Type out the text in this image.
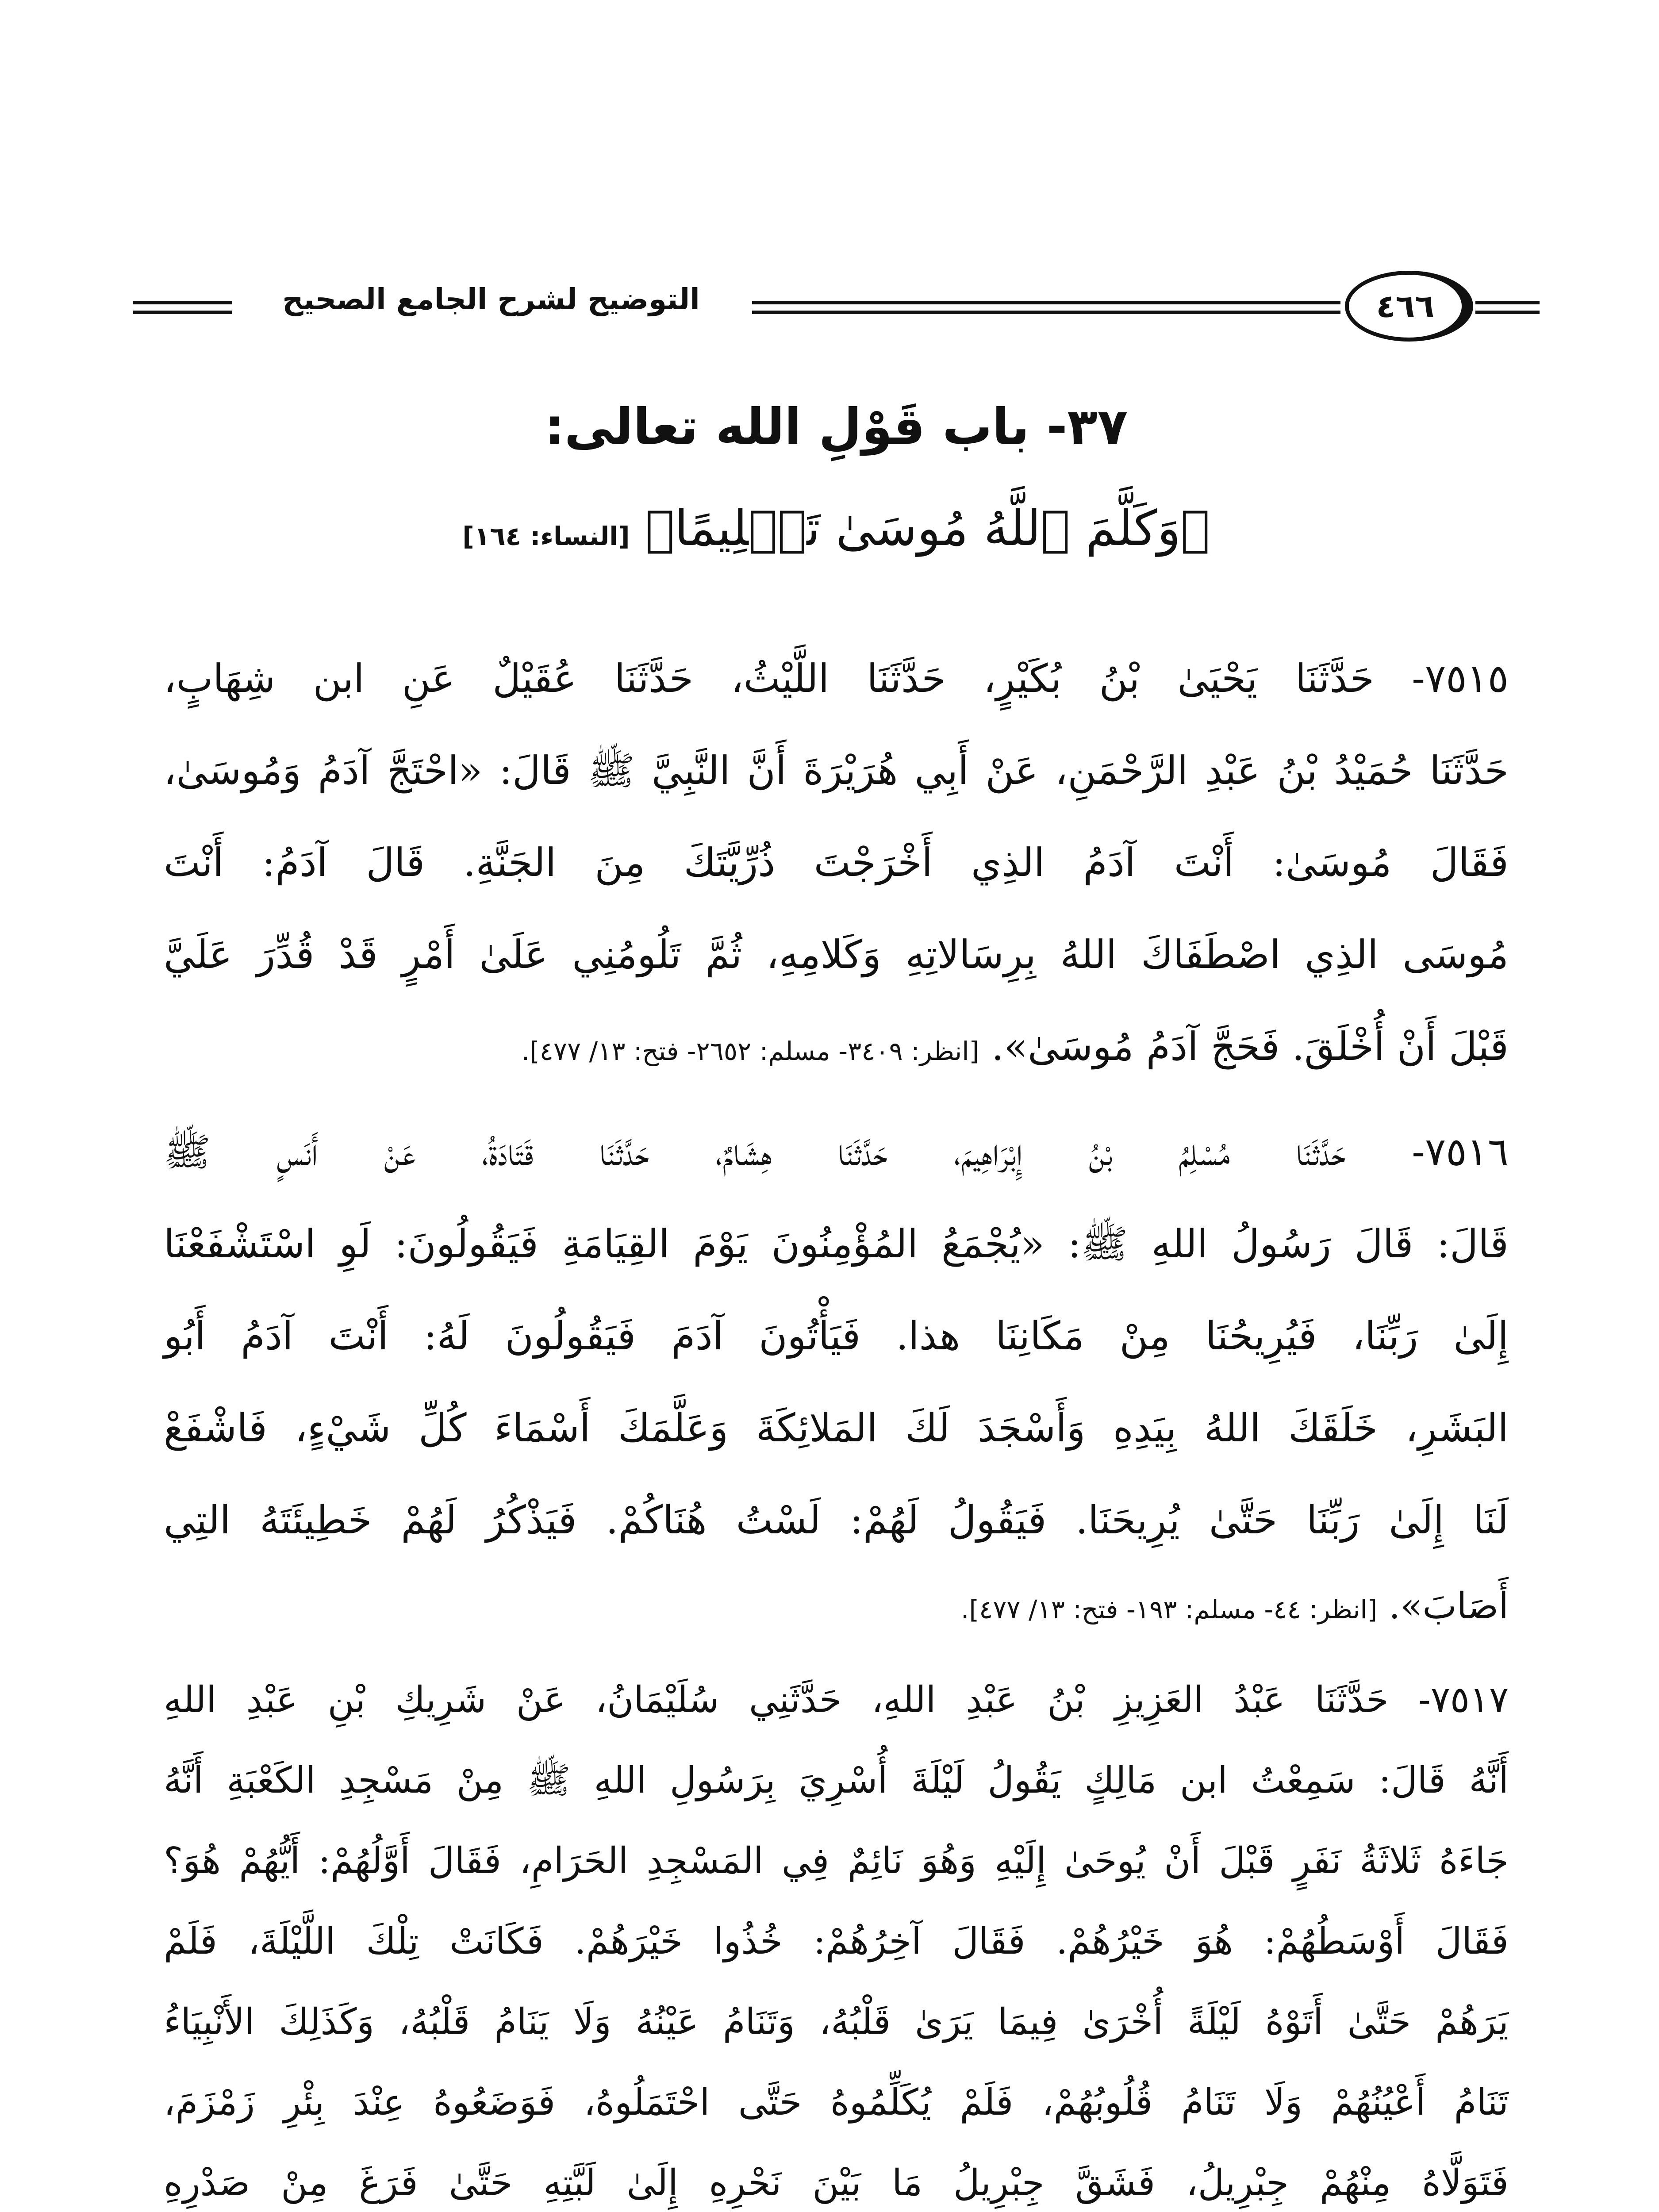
التوضيح لشرح الجامع الصحيح	٤٦٦
٣٧- باب قَوْلِ الله تعالى:
﴿وَكَلَّمَ ٱللَّهُ مُوسَىٰ تَكۡلِيمًا﴾ [النساء: ١٦٤]
٧٥١٥- حَدَّثَنَا يَحْيَىٰ بْنُ بُكَيْرٍ، حَدَّثَنَا اللَّيْثُ، حَدَّثَنَا عُقَيْلٌ عَنِ ابن شِهَابٍ،
حَدَّثَنَا حُمَيْدُ بْنُ عَبْدِ الرَّحْمَنِ، عَنْ أَبِي هُرَيْرَةَ أَنَّ النَّبِيَّ ﷺ قَالَ: «احْتَجَّ آدَمُ وَمُوسَىٰ،
فَقَالَ مُوسَىٰ: أَنْتَ آدَمُ الذِي أَخْرَجْتَ ذُرِّيَّتَكَ مِنَ الجَنَّةِ. قَالَ آدَمُ: أَنْتَ
مُوسَى الذِي اصْطَفَاكَ اللهُ بِرِسَالاتِهِ وَكَلامِهِ، ثُمَّ تَلُومُنِي عَلَىٰ أَمْرٍ قَدْ قُدِّرَ عَلَيَّ
قَبْلَ أَنْ أُخْلَقَ. فَحَجَّ آدَمُ مُوسَىٰ». [انظر: ٣٤٠٩- مسلم: ٢٦٥٢- فتح: ١٣/ ٤٧٧].
٧٥١٦- حَدَّثَنَا مُسْلِمُ بْنُ إِبْرَاهِيمَ، حَدَّثَنَا هِشَامٌ، حَدَّثَنَا قَتَادَةُ، عَنْ أَنَسٍ ﷺ
قَالَ: قَالَ رَسُولُ اللهِ ﷺ: «يُجْمَعُ المُؤْمِنُونَ يَوْمَ القِيَامَةِ فَيَقُولُونَ: لَوِ اسْتَشْفَعْنَا
إِلَىٰ رَبِّنَا، فَيُرِيحُنَا مِنْ مَكَانِنَا هذا. فَيَأْتُونَ آدَمَ فَيَقُولُونَ لَهُ: أَنْتَ آدَمُ أَبُو
البَشَرِ، خَلَقَكَ اللهُ بِيَدِهِ وَأَسْجَدَ لَكَ المَلائِكَةَ وَعَلَّمَكَ أَسْمَاءَ كُلِّ شَيْءٍ، فَاشْفَعْ
لَنَا إِلَىٰ رَبِّنَا حَتَّىٰ يُرِيحَنَا. فَيَقُولُ لَهُمْ: لَسْتُ هُنَاكُمْ. فَيَذْكُرُ لَهُمْ خَطِيئَتَهُ التِي
أَصَابَ». [انظر: ٤٤- مسلم: ١٩٣- فتح: ١٣/ ٤٧٧].
٧٥١٧- حَدَّثَنَا عَبْدُ العَزِيزِ بْنُ عَبْدِ اللهِ، حَدَّثَنِي سُلَيْمَانُ، عَنْ شَرِيكِ بْنِ عَبْدِ اللهِ
أَنَّهُ قَالَ: سَمِعْتُ ابن مَالِكٍ يَقُولُ لَيْلَةَ أُسْرِيَ بِرَسُولِ اللهِ ﷺ مِنْ مَسْجِدِ الكَعْبَةِ أَنَّهُ
جَاءَهُ ثَلاثَةُ نَفَرٍ قَبْلَ أَنْ يُوحَىٰ إِلَيْهِ وَهُوَ نَائِمٌ فِي المَسْجِدِ الحَرَامِ، فَقَالَ أَوَّلُهُمْ: أَيُّهُمْ هُوَ؟
فَقَالَ أَوْسَطُهُمْ: هُوَ خَيْرُهُمْ. فَقَالَ آخِرُهُمْ: خُذُوا خَيْرَهُمْ. فَكَانَتْ تِلْكَ اللَّيْلَةَ، فَلَمْ
يَرَهُمْ حَتَّىٰ أَتَوْهُ لَيْلَةً أُخْرَىٰ فِيمَا يَرَىٰ قَلْبُهُ، وَتَنَامُ عَيْنُهُ وَلَا يَنَامُ قَلْبُهُ، وَكَذَلِكَ الأَنْبِيَاءُ
تَنَامُ أَعْيُنُهُمْ وَلَا تَنَامُ قُلُوبُهُمْ، فَلَمْ يُكَلِّمُوهُ حَتَّى احْتَمَلُوهُ، فَوَضَعُوهُ عِنْدَ بِئْرِ زَمْزَمَ،
فَتَوَلَّاهُ مِنْهُمْ جِبْرِيلُ، فَشَقَّ جِبْرِيلُ مَا بَيْنَ نَحْرِهِ إِلَىٰ لَبَّتِهِ حَتَّىٰ فَرَغَ مِنْ صَدْرِهِ
